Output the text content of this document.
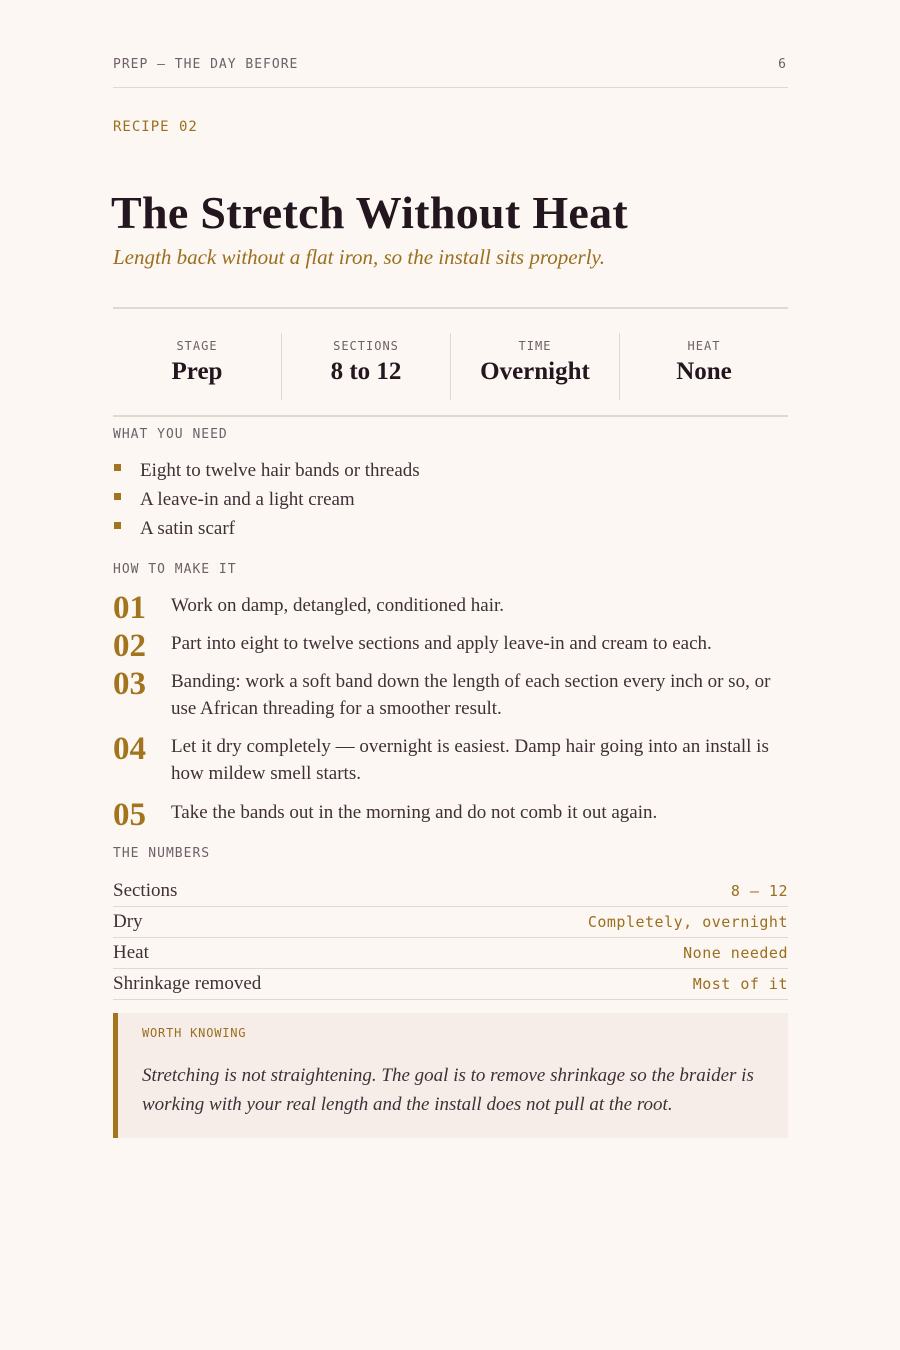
PREP — THE DAY BEFORE	6
RECIPE 02
The Stretch Without Heat
Length back without a flat iron, so the install sits properly.
STAGE
Prep
SECTIONS
8 to 12
TIME
Overnight
HEAT
None
WHAT YOU NEED
Eight to twelve hair bands or threads
A leave-in and a light cream
A satin scarf
HOW TO MAKE IT
01 Work on damp, detangled, conditioned hair.
02 Part into eight to twelve sections and apply leave-in and cream to each.
03 Banding: work a soft band down the length of each section every inch or so, or use African threading for a smoother result.
04 Let it dry completely — overnight is easiest. Damp hair going into an install is how mildew smell starts.
05 Take the bands out in the morning and do not comb it out again.
THE NUMBERS
Sections	8 – 12
Dry	Completely, overnight
Heat	None needed
Shrinkage removed	Most of it
WORTH KNOWING
Stretching is not straightening. The goal is to remove shrinkage so the braider is working with your real length and the install does not pull at the root.
